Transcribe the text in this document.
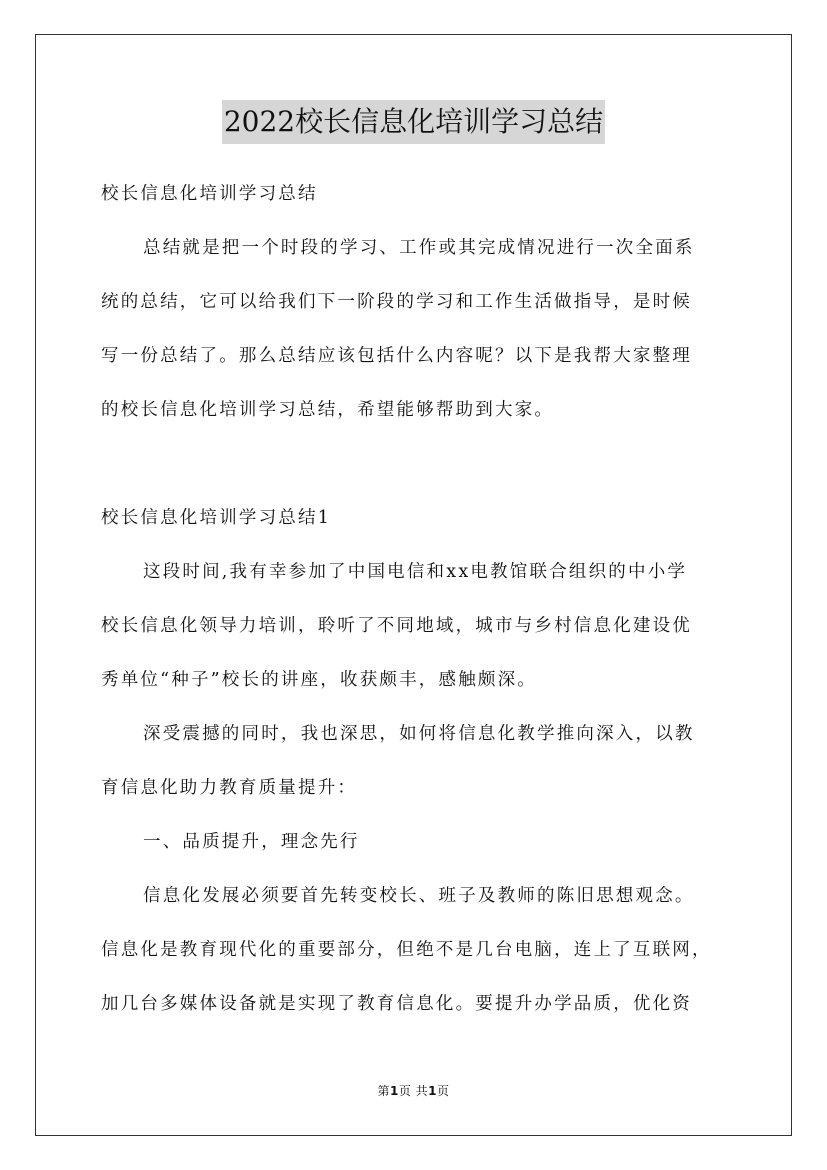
2022校长信息化培训学习总结
校长信息化培训学习总结
总结就是把一个时段的学习、工作或其完成情况进行一次全面系
统的总结，它可以给我们下一阶段的学习和工作生活做指导，是时候
写一份总结了。那么总结应该包括什么内容呢？以下是我帮大家整理
的校长信息化培训学习总结，希望能够帮助到大家。
校长信息化培训学习总结1
这段时间,我有幸参加了中国电信和xx电教馆联合组织的中小学
校长信息化领导力培训，聆听了不同地域，城市与乡村信息化建设优
秀单位“种子”校长的讲座，收获颇丰，感触颇深。
深受震撼的同时，我也深思，如何将信息化教学推向深入，以教
育信息化助力教育质量提升：
一、品质提升，理念先行
信息化发展必须要首先转变校长、班子及教师的陈旧思想观念。
信息化是教育现代化的重要部分，但绝不是几台电脑，连上了互联网，
加几台多媒体设备就是实现了教育信息化。要提升办学品质，优化资
第1页 共1页
